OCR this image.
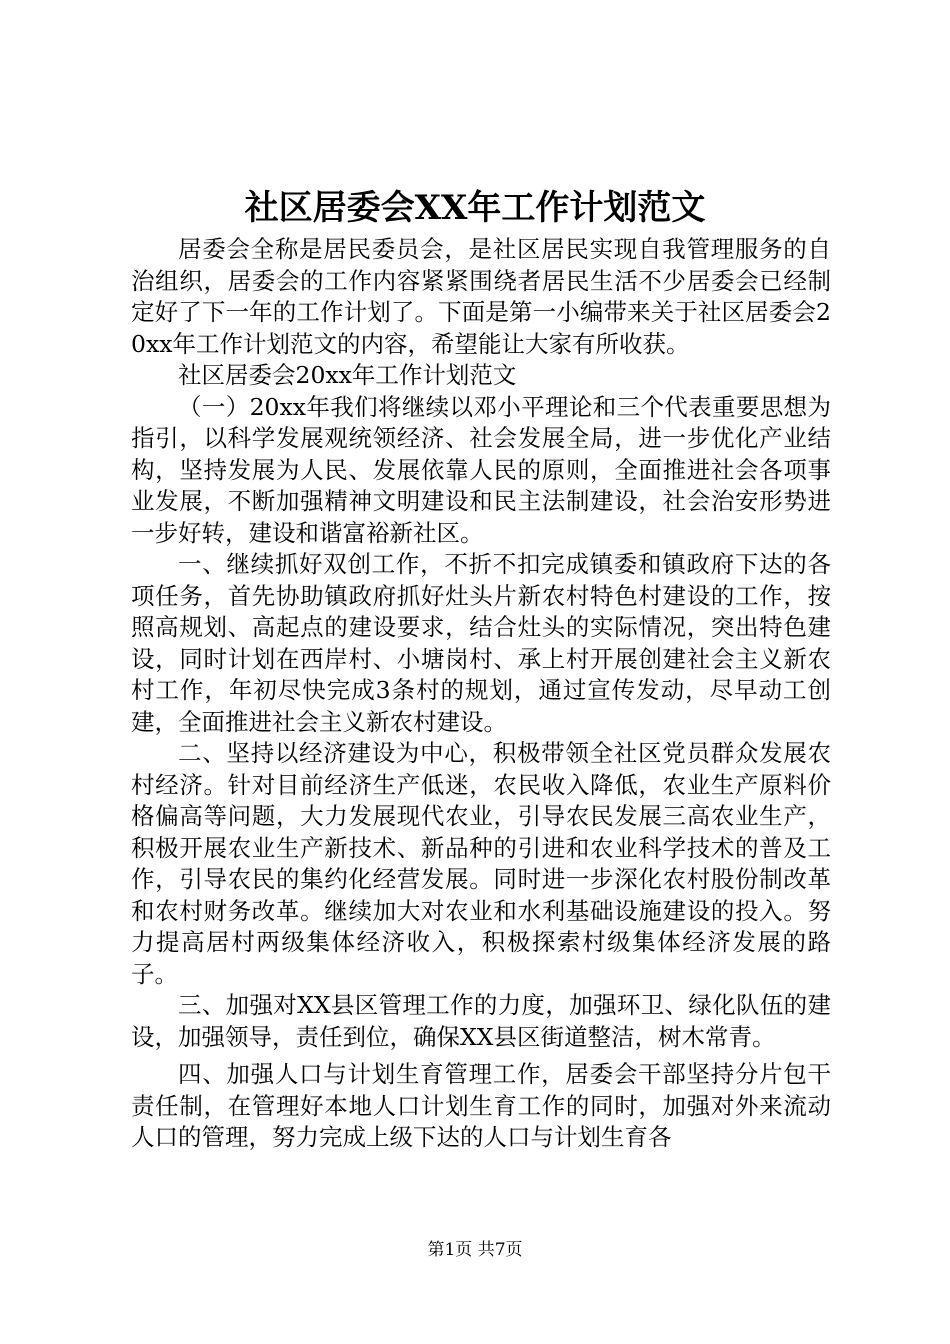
社区居委会XX年工作计划范文

居委会全称是居民委员会，是社区居民实现自我管理服务的自治组织，居委会的工作内容紧紧围绕者居民生活不少居委会已经制定好了下一年的工作计划了。下面是第一小编带来关于社区居委会20xx年工作计划范文的内容，希望能让大家有所收获。

社区居委会20xx年工作计划范文

（一）20xx年我们将继续以邓小平理论和三个代表重要思想为指引，以科学发展观统领经济、社会发展全局，进一步优化产业结构，坚持发展为人民、发展依靠人民的原则，全面推进社会各项事业发展，不断加强精神文明建设和民主法制建设，社会治安形势进一步好转，建设和谐富裕新社区。

一、继续抓好双创工作，不折不扣完成镇委和镇政府下达的各项任务，首先协助镇政府抓好灶头片新农村特色村建设的工作，按照高规划、高起点的建设要求，结合灶头的实际情况，突出特色建设，同时计划在西岸村、小塘岗村、承上村开展创建社会主义新农村工作，年初尽快完成3条村的规划，通过宣传发动，尽早动工创建，全面推进社会主义新农村建设。

二、坚持以经济建设为中心，积极带领全社区党员群众发展农村经济。针对目前经济生产低迷，农民收入降低，农业生产原料价格偏高等问题，大力发展现代农业，引导农民发展三高农业生产，积极开展农业生产新技术、新品种的引进和农业科学技术的普及工作，引导农民的集约化经营发展。同时进一步深化农村股份制改革和农村财务改革。继续加大对农业和水利基础设施建设的投入。努力提高居村两级集体经济收入，积极探索村级集体经济发展的路子。

三、加强对XX县区管理工作的力度，加强环卫、绿化队伍的建设，加强领导，责任到位，确保XX县区街道整洁，树木常青。

四、加强人口与计划生育管理工作，居委会干部坚持分片包干责任制，在管理好本地人口计划生育工作的同时，加强对外来流动人口的管理，努力完成上级下达的人口与计划生育各

第1页 共7页
